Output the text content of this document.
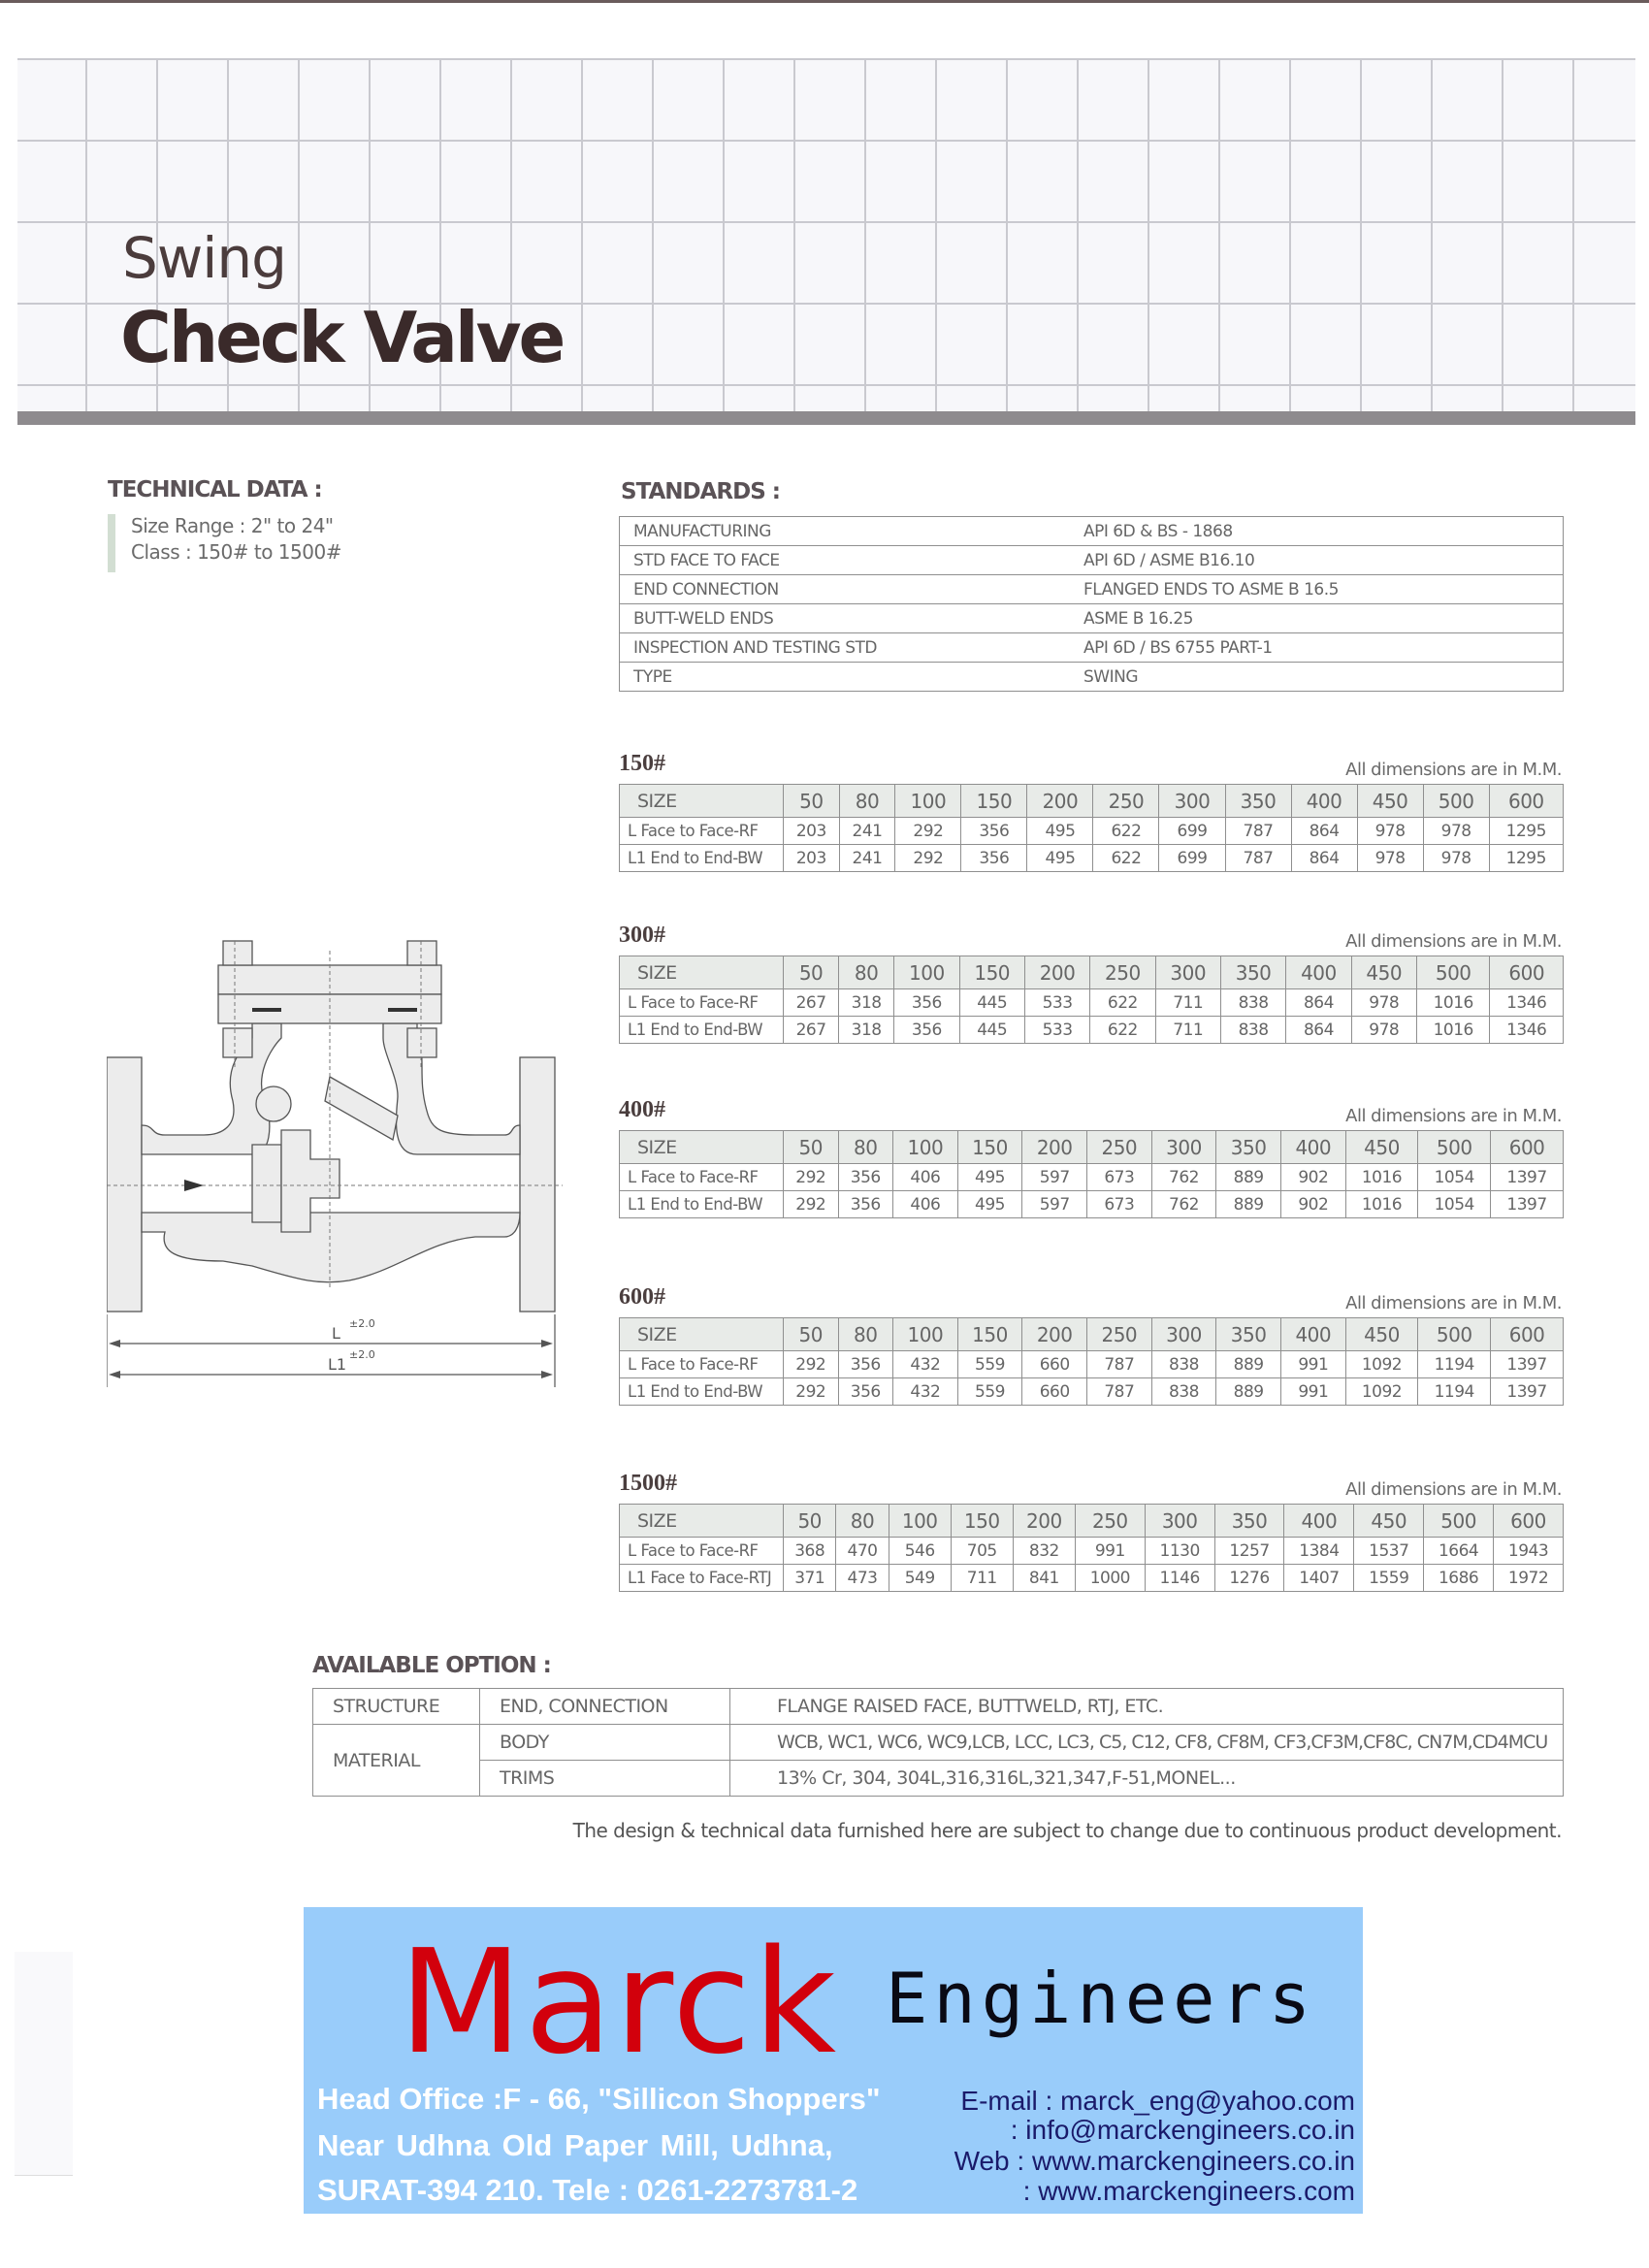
Swing
Check Valve
TECHNICAL DATA :
Size Range : 2" to 24"
Class : 150# to 1500#
STANDARDS :
MANUFACTURING	API 6D & BS - 1868
STD FACE TO FACE	API 6D / ASME B16.10
END CONNECTION	FLANGED ENDS TO ASME B 16.5
BUTT-WELD ENDS	ASME B 16.25
INSPECTION AND TESTING STD	API 6D / BS 6755 PART-1
TYPE	SWING
150#	All dimensions are in M.M.
SIZE	50	80	100	150	200	250	300	350	400	450	500	600
L Face to Face-RF	203	241	292	356	495	622	699	787	864	978	978	1295
L1 End to End-BW	203	241	292	356	495	622	699	787	864	978	978	1295
300#	All dimensions are in M.M.
SIZE	50	80	100	150	200	250	300	350	400	450	500	600
L Face to Face-RF	267	318	356	445	533	622	711	838	864	978	1016	1346
L1 End to End-BW	267	318	356	445	533	622	711	838	864	978	1016	1346
400#	All dimensions are in M.M.
SIZE	50	80	100	150	200	250	300	350	400	450	500	600
L Face to Face-RF	292	356	406	495	597	673	762	889	902	1016	1054	1397
L1 End to End-BW	292	356	406	495	597	673	762	889	902	1016	1054	1397
600#	All dimensions are in M.M.
SIZE	50	80	100	150	200	250	300	350	400	450	500	600
L Face to Face-RF	292	356	432	559	660	787	838	889	991	1092	1194	1397
L1 End to End-BW	292	356	432	559	660	787	838	889	991	1092	1194	1397
1500#	All dimensions are in M.M.
SIZE	50	80	100	150	200	250	300	350	400	450	500	600
L Face to Face-RF	368	470	546	705	832	991	1130	1257	1384	1537	1664	1943
L1 Face to Face-RTJ	371	473	549	711	841	1000	1146	1276	1407	1559	1686	1972
L
±2.0
L1
±2.0
AVAILABLE OPTION :
STRUCTURE	END, CONNECTION	FLANGE RAISED FACE, BUTTWELD, RTJ, ETC.
MATERIAL	BODY	WCB, WC1, WC6, WC9,LCB, LCC, LC3, C5, C12, CF8, CF8M, CF3,CF3M,CF8C, CN7M,CD4MCU
	TRIMS	13% Cr, 304, 304L,316,316L,321,347,F-51,MONEL...
The design & technical data furnished here are subject to change due to continuous product development.
Marck Engineers
Head Office :F - 66, "Sillicon Shoppers"
Near Udhna Old Paper Mill, Udhna,
SURAT-394 210. Tele : 0261-2273781-2
E-mail : marck_eng@yahoo.com
: info@marckengineers.co.in
Web : www.marckengineers.co.in
: www.marckengineers.com
